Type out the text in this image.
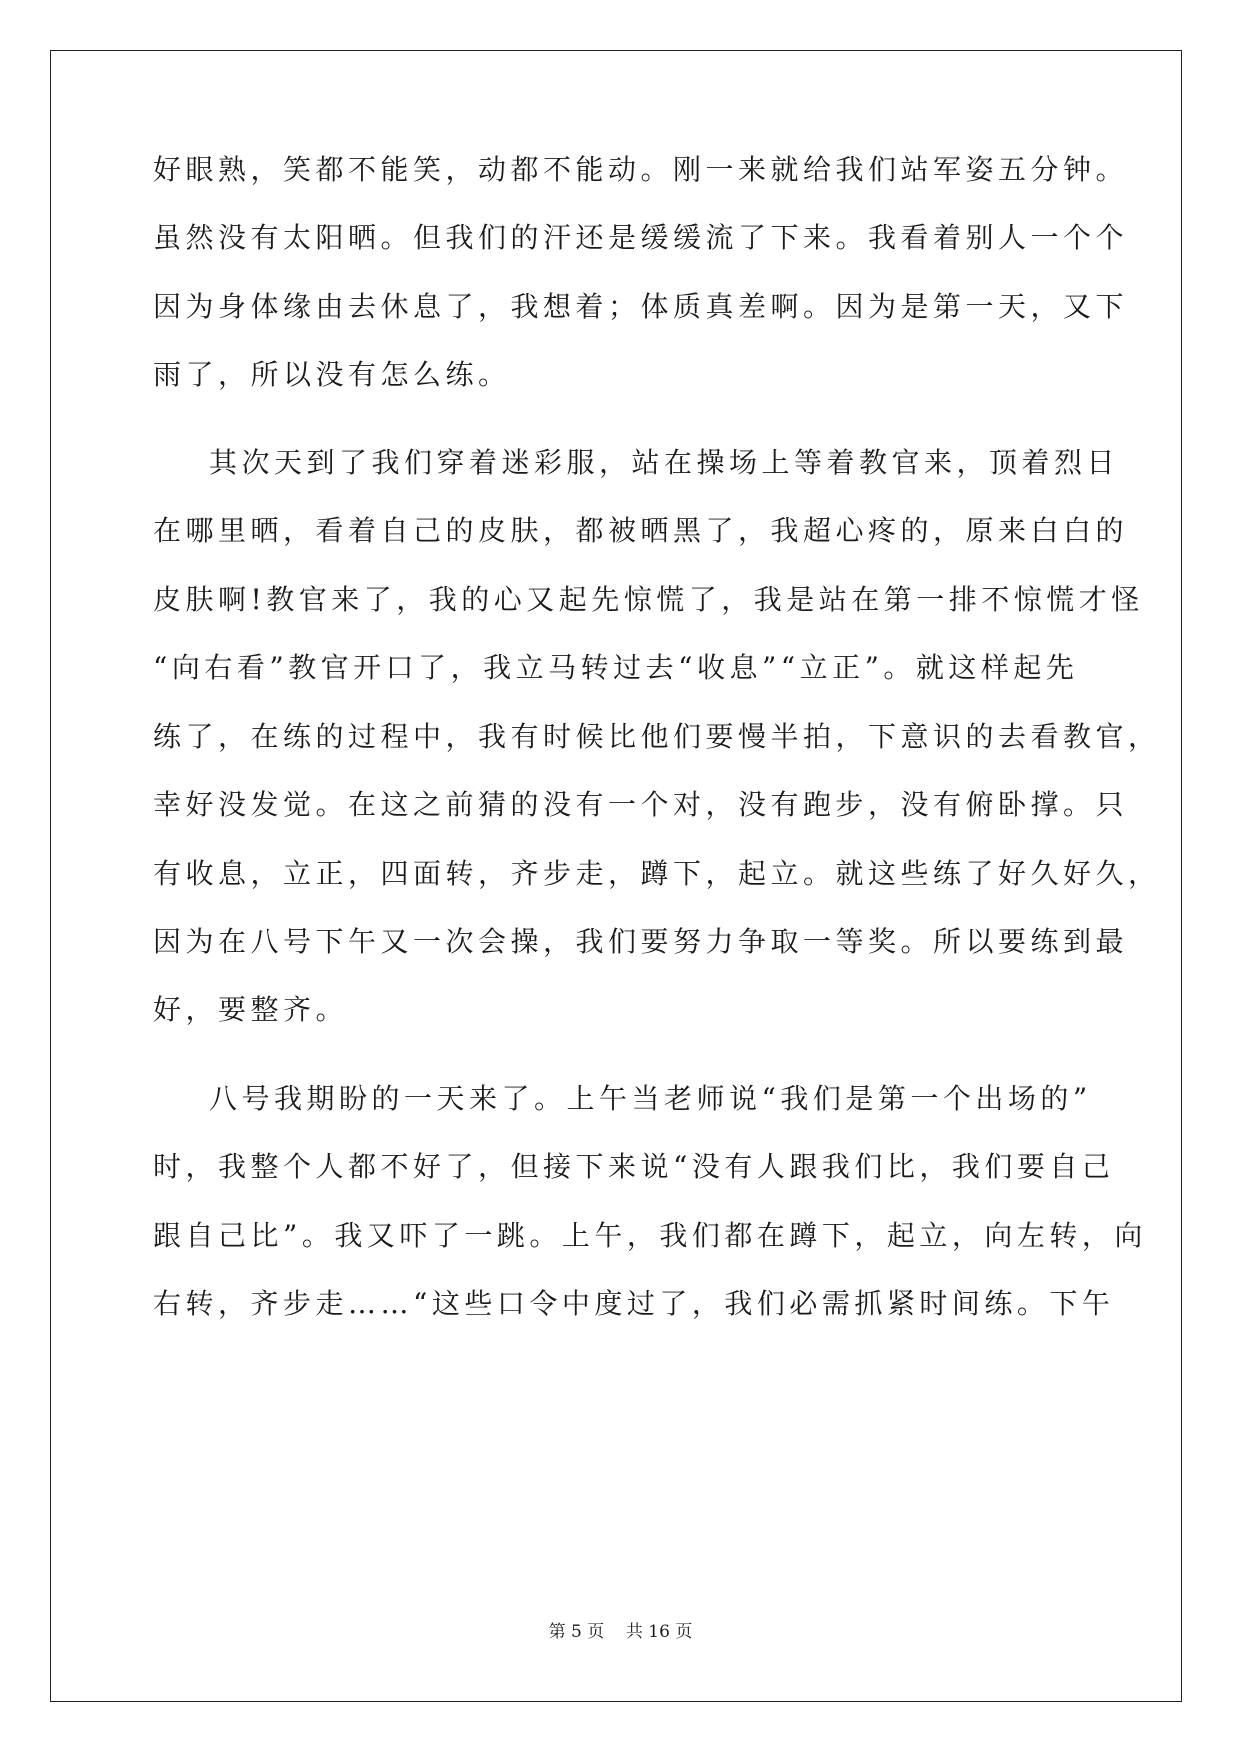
好眼熟，笑都不能笑，动都不能动。刚一来就给我们站军姿五分钟。
虽然没有太阳晒。但我们的汗还是缓缓流了下来。我看着别人一个个
因为身体缘由去休息了，我想着；体质真差啊。因为是第一天，又下
雨了，所以没有怎么练。
其次天到了我们穿着迷彩服，站在操场上等着教官来，顶着烈日
在哪里晒，看着自己的皮肤，都被晒黑了，我超心疼的，原来白白的
皮肤啊!教官来了，我的心又起先惊慌了，我是站在第一排不惊慌才怪
“向右看”教官开口了，我立马转过去“收息”“立正”。就这样起先
练了，在练的过程中，我有时候比他们要慢半拍，下意识的去看教官，
幸好没发觉。在这之前猜的没有一个对，没有跑步，没有俯卧撑。只
有收息，立正，四面转，齐步走，蹲下，起立。就这些练了好久好久，
因为在八号下午又一次会操，我们要努力争取一等奖。所以要练到最
好，要整齐。
八号我期盼的一天来了。上午当老师说“我们是第一个出场的”
时，我整个人都不好了，但接下来说“没有人跟我们比，我们要自己
跟自己比”。我又吓了一跳。上午，我们都在蹲下，起立，向左转，向
右转，齐步走……“这些口令中度过了，我们必需抓紧时间练。下午
第 5 页    共 16 页
